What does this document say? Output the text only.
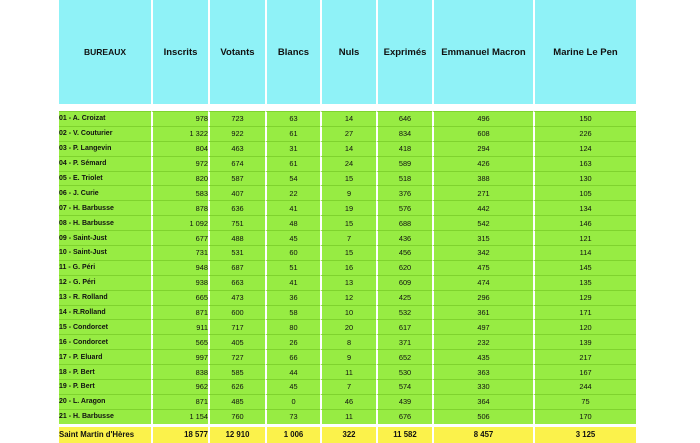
BUREAUX	Inscrits	Votants	Blancs	Nuls	Exprimés	Emmanuel Macron	Marine Le Pen

01 - A. Croizat	978	723	63	14	646	496	150
02 - V. Couturier	1 322	922	61	27	834	608	226
03 - P. Langevin	804	463	31	14	418	294	124
04 - P. Sémard	972	674	61	24	589	426	163
05 - E. Triolet	820	587	54	15	518	388	130
06 - J. Curie	583	407	22	9	376	271	105
07 - H. Barbusse	878	636	41	19	576	442	134
08 - H. Barbusse	1 092	751	48	15	688	542	146
09 - Saint-Just	677	488	45	7	436	315	121
10 - Saint-Just	731	531	60	15	456	342	114
11 - G. Péri	948	687	51	16	620	475	145
12 - G. Péri	938	663	41	13	609	474	135
13 - R. Rolland	665	473	36	12	425	296	129
14 - R.Rolland	871	600	58	10	532	361	171
15 - Condorcet	911	717	80	20	617	497	120
16 - Condorcet	565	405	26	8	371	232	139
17 - P. Eluard	997	727	66	9	652	435	217
18 - P. Bert	838	585	44	11	530	363	167
19 - P. Bert	962	626	45	7	574	330	244
20 - L. Aragon	871	485	0	46	439	364	75
21 - H. Barbusse	1 154	760	73	11	676	506	170
Saint Martin d'Hères	18 577	12 910	1 006	322	11 582	8 457	3 125
